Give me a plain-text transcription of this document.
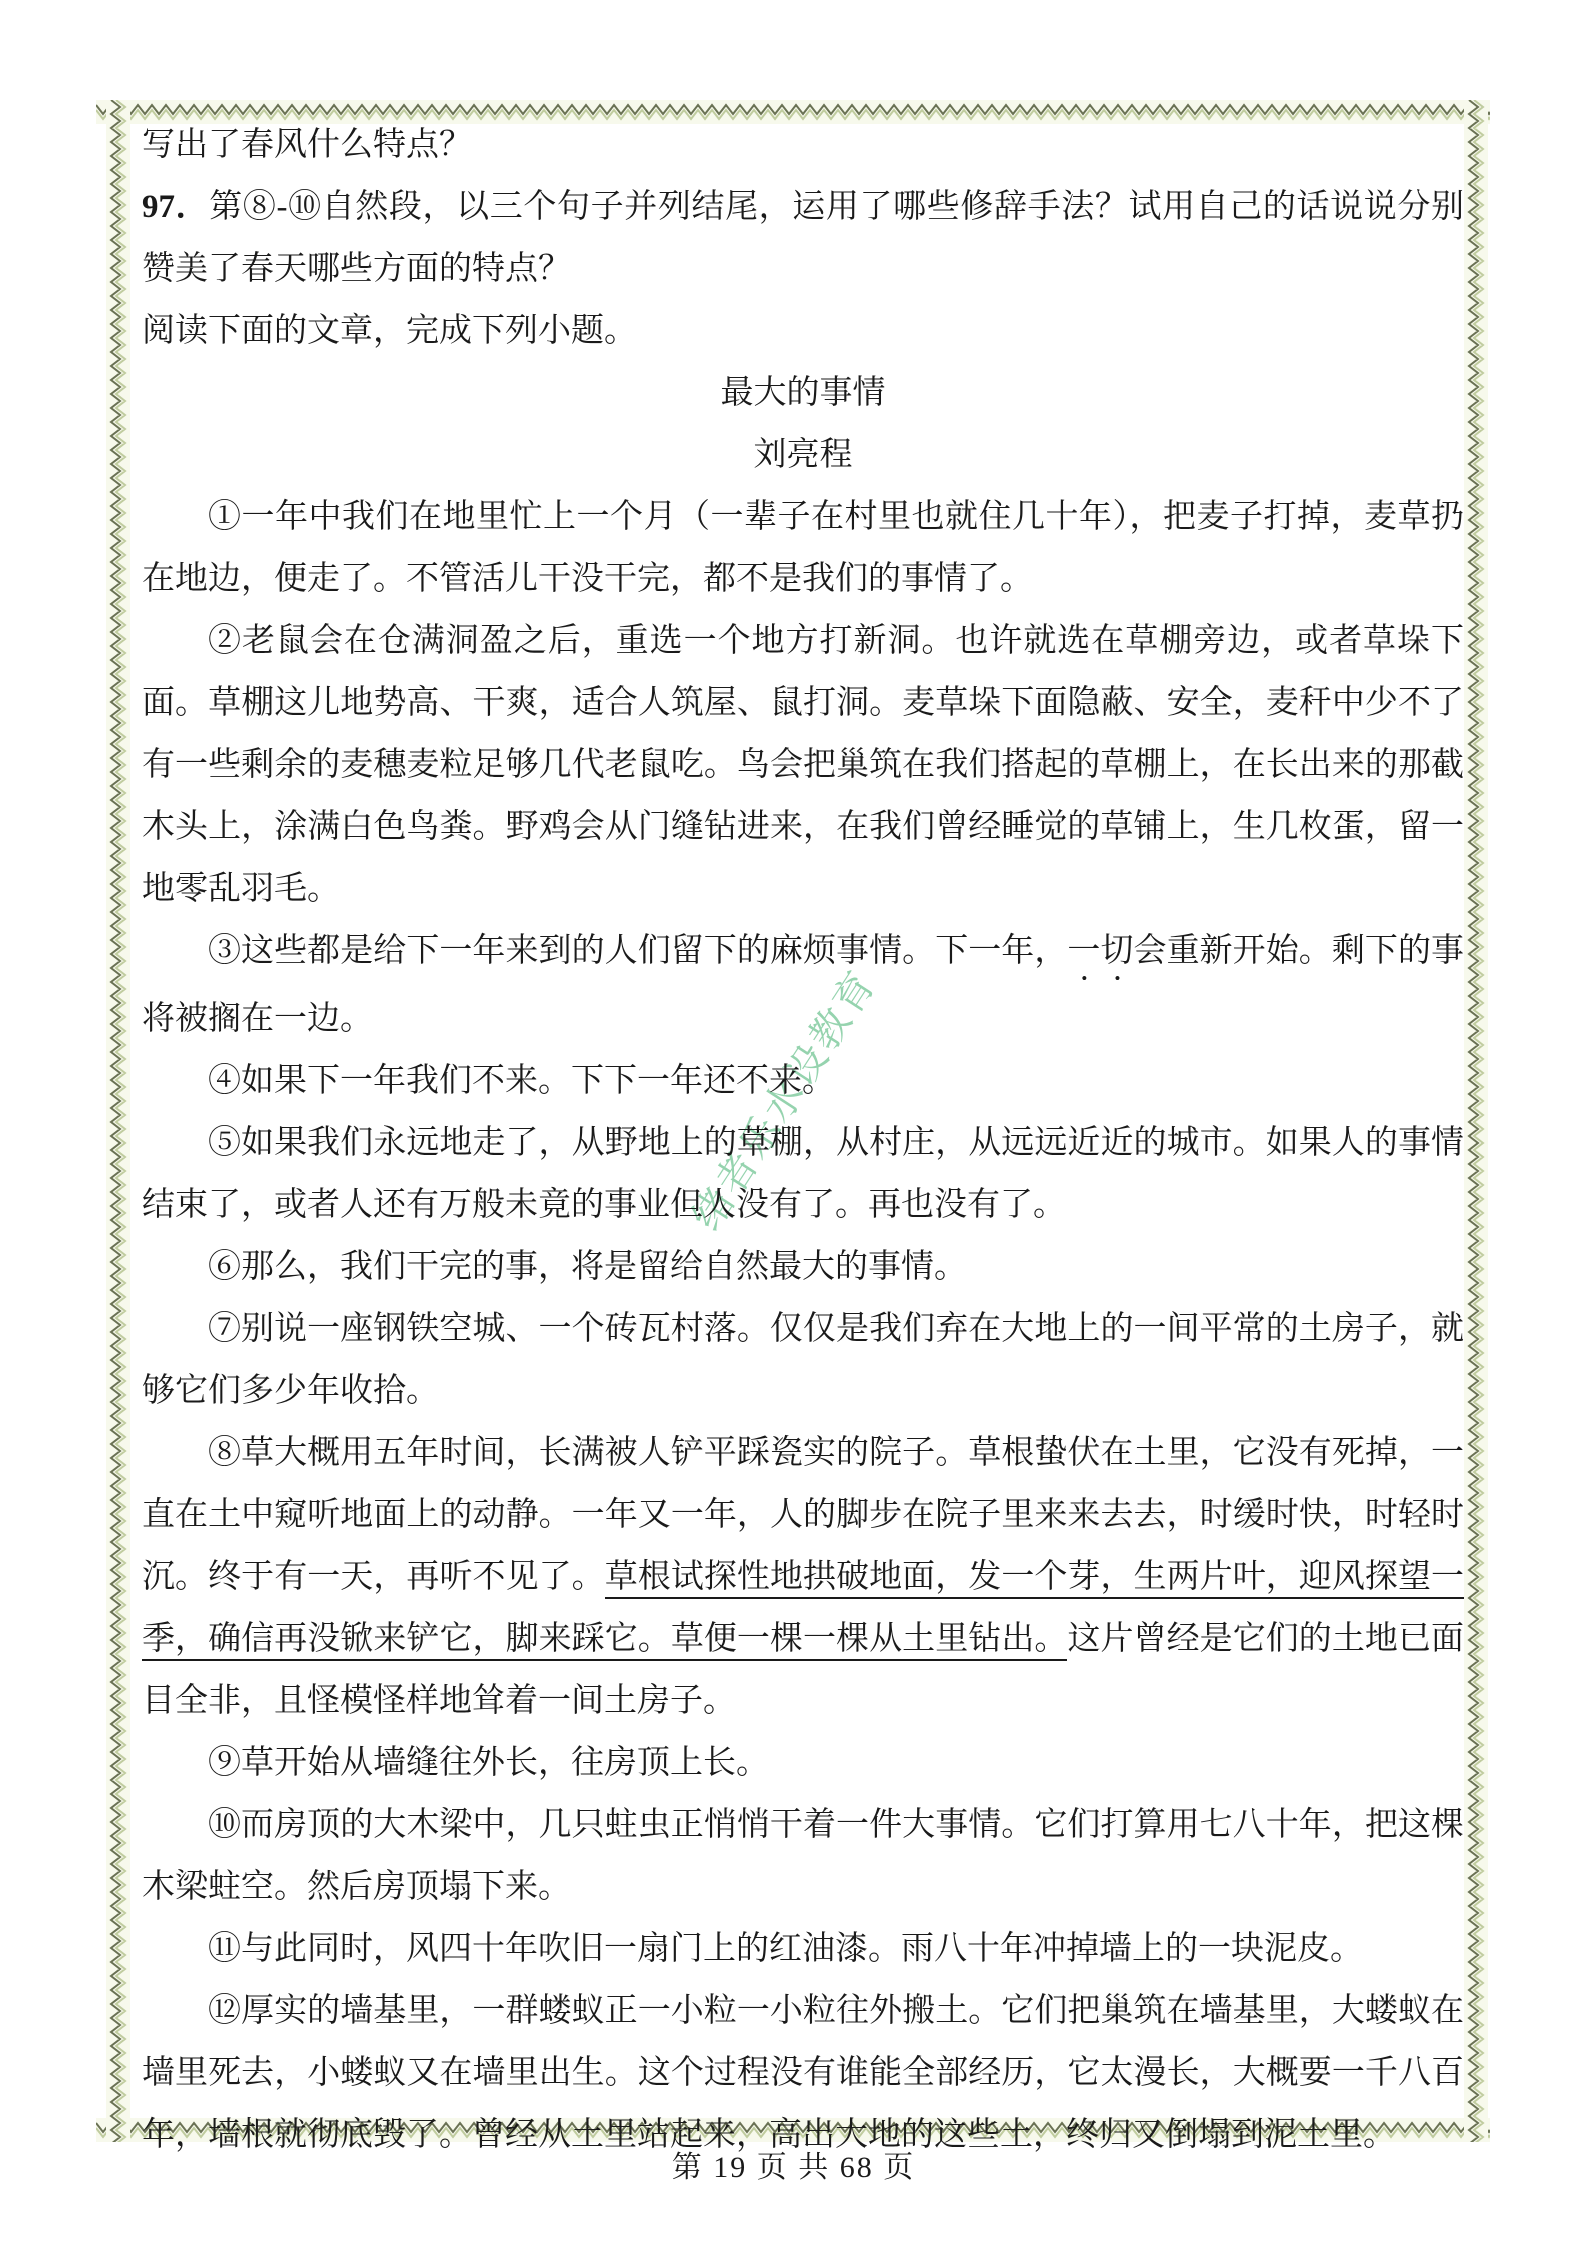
绪者乐水设教育

写出了春风什么特点？

97．第⑧-⑩自然段，以三个句子并列结尾，运用了哪些修辞手法？试用自己的话说说分别赞美了春天哪些方面的特点？

阅读下面的文章，完成下列小题。

最大的事情

刘亮程

①一年中我们在地里忙上一个月（一辈子在村里也就住几十年），把麦子打掉，麦草扔在地边，便走了。不管活儿干没干完，都不是我们的事情了。

②老鼠会在仓满洞盈之后，重选一个地方打新洞。也许就选在草棚旁边，或者草垛下面。草棚这儿地势高、干爽，适合人筑屋、鼠打洞。麦草垛下面隐蔽、安全，麦秆中少不了有一些剩余的麦穗麦粒足够几代老鼠吃。鸟会把巢筑在我们搭起的草棚上，在长出来的那截木头上，涂满白色鸟粪。野鸡会从门缝钻进来，在我们曾经睡觉的草铺上，生几枚蛋，留一地零乱羽毛。

③这些都是给下一年来到的人们留下的麻烦事情。下一年，一切会重新开始。剩下的事将被搁在一边。

④如果下一年我们不来。下下一年还不来。

⑤如果我们永远地走了，从野地上的草棚，从村庄，从远远近近的城市。如果人的事情结束了，或者人还有万般未竟的事业但人没有了。再也没有了。

⑥那么，我们干完的事，将是留给自然最大的事情。

⑦别说一座钢铁空城、一个砖瓦村落。仅仅是我们弃在大地上的一间平常的土房子，就够它们多少年收拾。

⑧草大概用五年时间，长满被人铲平踩瓷实的院子。草根蛰伏在土里，它没有死掉，一直在土中窥听地面上的动静。一年又一年，人的脚步在院子里来来去去，时缓时快，时轻时沉。终于有一天，再听不见了。草根试探性地拱破地面，发一个芽，生两片叶，迎风探望一季，确信再没锨来铲它，脚来踩它。草便一棵一棵从土里钻出。这片曾经是它们的土地已面目全非，且怪模怪样地耸着一间土房子。

⑨草开始从墙缝往外长，往房顶上长。

⑩而房顶的大木梁中，几只蛀虫正悄悄干着一件大事情。它们打算用七八十年，把这棵木梁蛀空。然后房顶塌下来。

⑪与此同时，风四十年吹旧一扇门上的红油漆。雨八十年冲掉墙上的一块泥皮。

⑫厚实的墙基里，一群蝼蚁正一小粒一小粒往外搬土。它们把巢筑在墙基里，大蝼蚁在墙里死去，小蝼蚁又在墙里出生。这个过程没有谁能全部经历，它太漫长，大概要一千八百年，墙根就彻底毁了。曾经从土里站起来，高出大地的这些土，终归又倒塌到泥土里。

第 19 页 共 68 页
